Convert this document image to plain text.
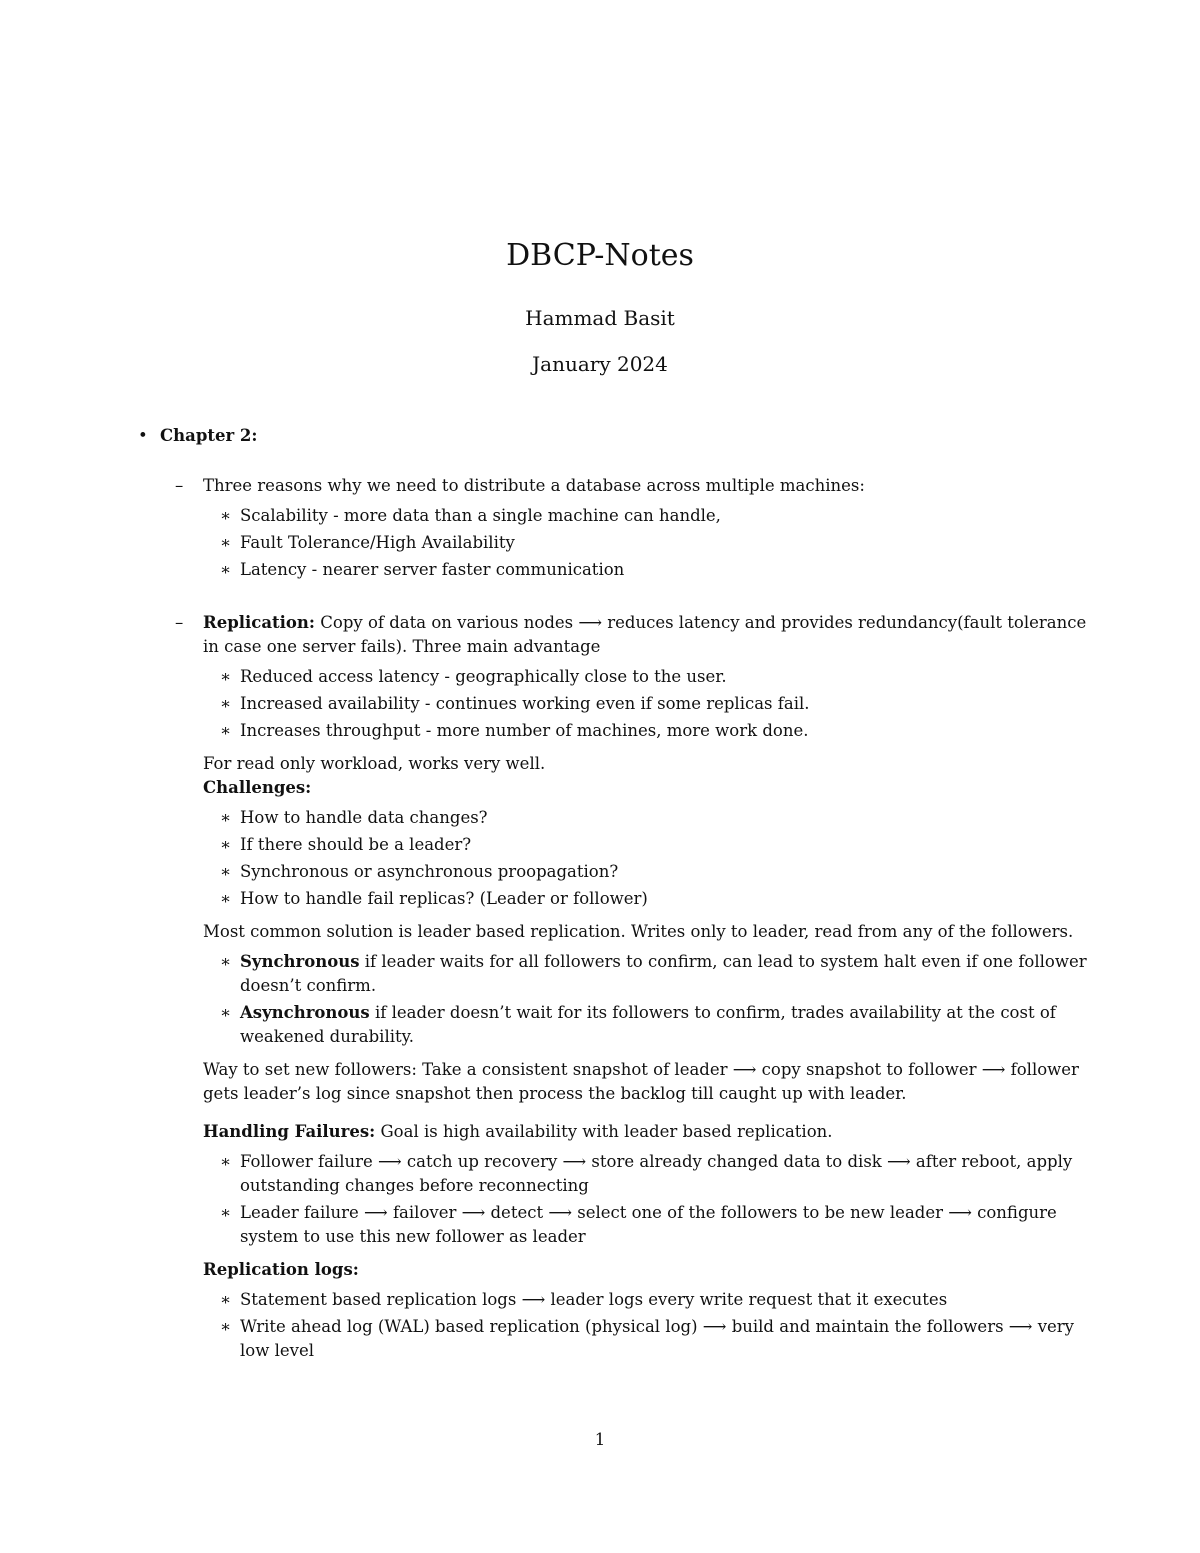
DBCP-Notes
Hammad Basit
January 2024
• Chapter 2:
– Three reasons why we need to distribute a database across multiple machines:
∗ Scalability - more data than a single machine can handle,
∗ Fault Tolerance/High Availability
∗ Latency - nearer server faster communication
– Replication: Copy of data on various nodes ⟶ reduces latency and provides redundancy(fault tolerance in case one server fails). Three main advantage
∗ Reduced access latency - geographically close to the user.
∗ Increased availability - continues working even if some replicas fail.
∗ Increases throughput - more number of machines, more work done.
For read only workload, works very well.
Challenges:
∗ How to handle data changes?
∗ If there should be a leader?
∗ Synchronous or asynchronous proopagation?
∗ How to handle fail replicas? (Leader or follower)
Most common solution is leader based replication. Writes only to leader, read from any of the followers.
∗ Synchronous if leader waits for all followers to confirm, can lead to system halt even if one follower doesn’t confirm.
∗ Asynchronous if leader doesn’t wait for its followers to confirm, trades availability at the cost of weakened durability.
Way to set new followers: Take a consistent snapshot of leader ⟶ copy snapshot to follower ⟶ follower gets leader’s log since snapshot then process the backlog till caught up with leader.
Handling Failures: Goal is high availability with leader based replication.
∗ Follower failure ⟶ catch up recovery ⟶ store already changed data to disk ⟶ after reboot, apply outstanding changes before reconnecting
∗ Leader failure ⟶ failover ⟶ detect ⟶ select one of the followers to be new leader ⟶ configure system to use this new follower as leader
Replication logs:
∗ Statement based replication logs ⟶ leader logs every write request that it executes
∗ Write ahead log (WAL) based replication (physical log) ⟶ build and maintain the followers ⟶ very low level
1
